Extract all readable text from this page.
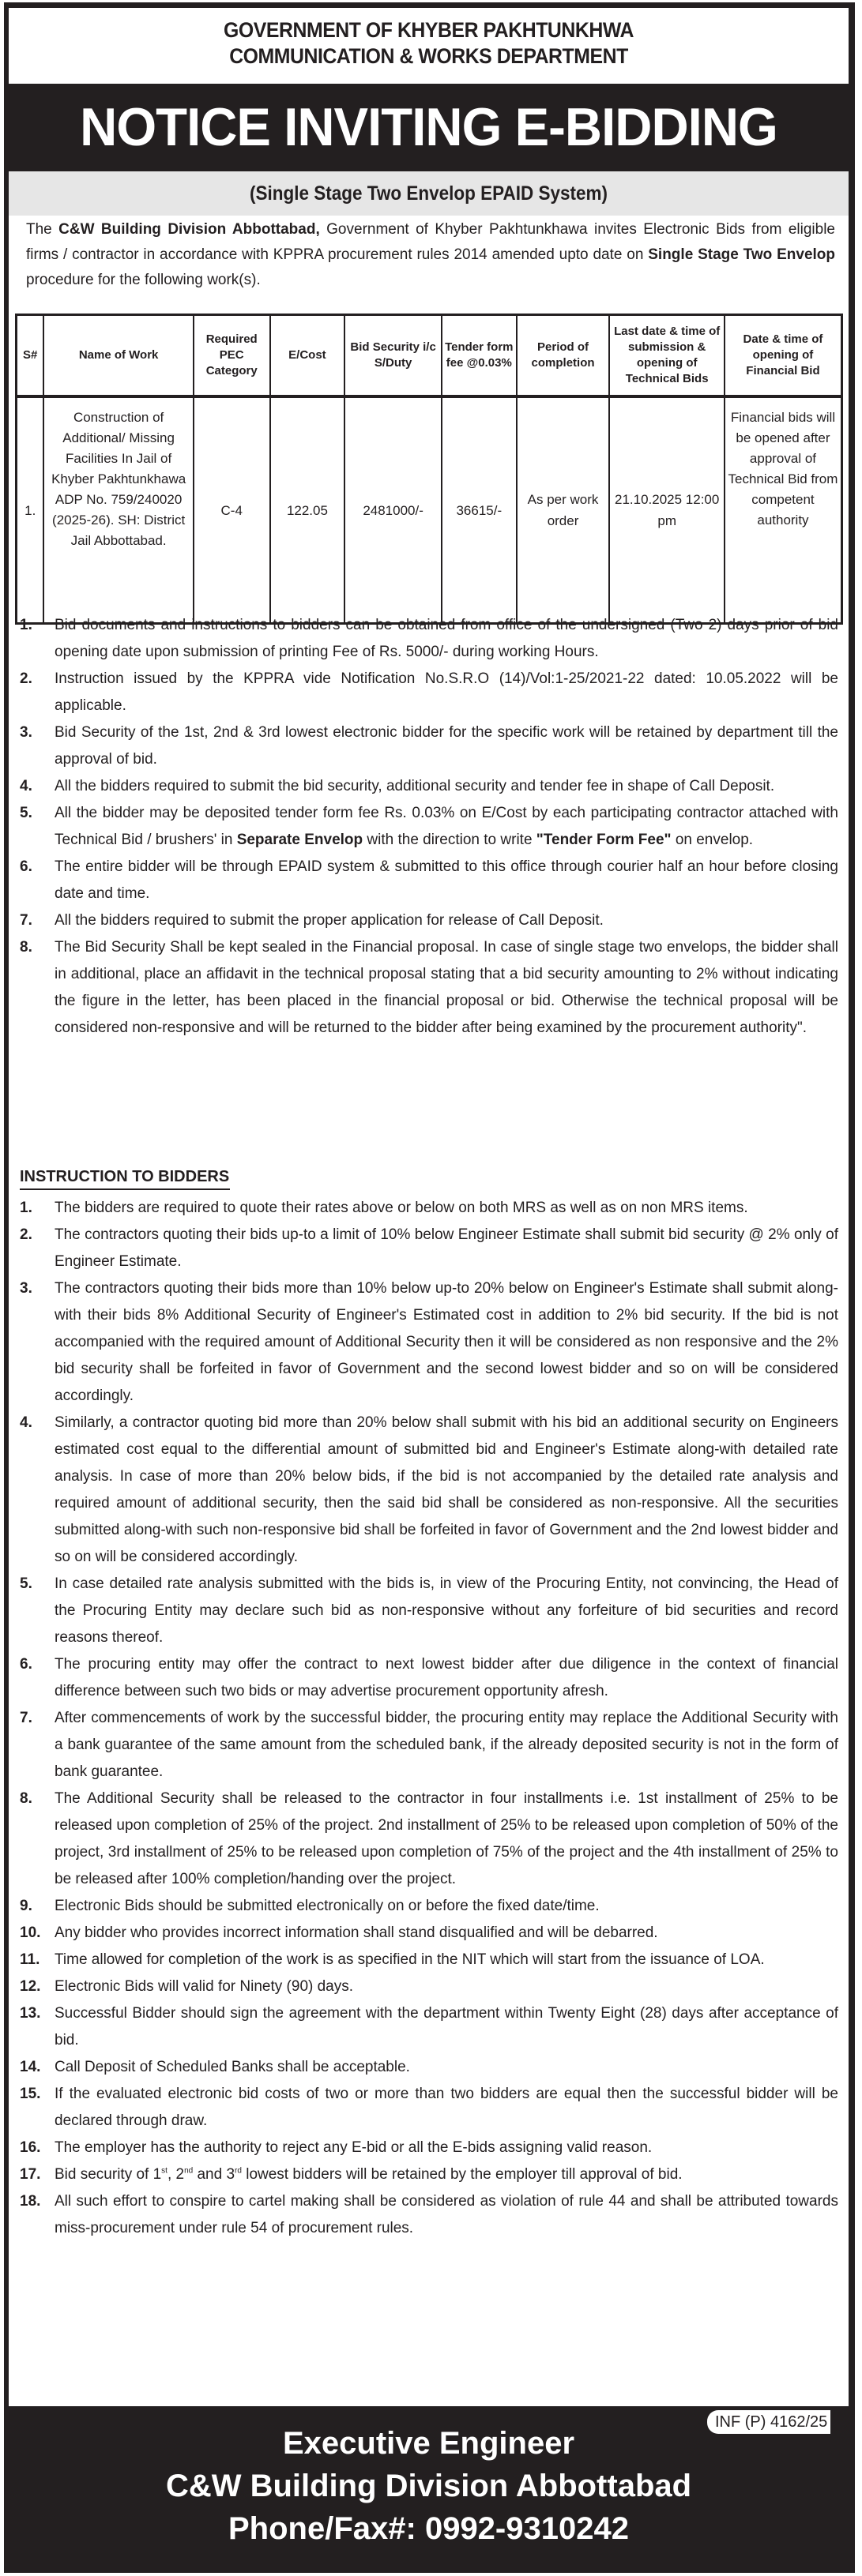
GOVERNMENT OF KHYBER PAKHTUNKHWA
COMMUNICATION & WORKS DEPARTMENT
NOTICE INVITING E-BIDDING
(Single Stage Two Envelop EPAID System)
The C&W Building Division Abbottabad, Government of Khyber Pakhtunkhawa invites Electronic Bids from eligible firms / contractor in accordance with KPPRA procurement rules 2014 amended upto date on Single Stage Two Envelop procedure for the following work(s).
S#	Name of Work	Required PEC Category	E/Cost	Bid Security i/c S/Duty	Tender form fee @0.03%	Period of completion	Last date & time of submission & opening of Technical Bids	Date & time of opening of Financial Bid
1.	Construction of Additional/ Missing Facilities In Jail of Khyber Pakhtunkhawa ADP No. 759/240020 (2025-26). SH: District Jail Abbottabad.	C-4	122.05	2481000/-	36615/-	As per work order	21.10.2025 12:00 pm	Financial bids will be opened after approval of Technical Bid from competent authority
1.	Bid documents and instructions to bidders can be obtained from office of the undersigned (Two 2) days prior of bid opening date upon submission of printing Fee of Rs. 5000/- during working Hours.
2.	Instruction issued by the KPPRA vide Notification No.S.R.O (14)/Vol:1-25/2021-22 dated: 10.05.2022 will be applicable.
3.	Bid Security of the 1st, 2nd & 3rd lowest electronic bidder for the specific work will be retained by department till the approval of bid.
4.	All the bidders required to submit the bid security, additional security and tender fee in shape of Call Deposit.
5.	All the bidder may be deposited tender form fee Rs. 0.03% on E/Cost by each participating contractor attached with Technical Bid / brushers' in Separate Envelop with the direction to write "Tender Form Fee" on envelop.
6.	The entire bidder will be through EPAID system & submitted to this office through courier half an hour before closing date and time.
7.	All the bidders required to submit the proper application for release of Call Deposit.
8.	The Bid Security Shall be kept sealed in the Financial proposal. In case of single stage two envelops, the bidder shall in additional, place an affidavit in the technical proposal stating that a bid security amounting to 2% without indicating the figure in the letter, has been placed in the financial proposal or bid. Otherwise the technical proposal will be considered non-responsive and will be returned to the bidder after being examined by the procurement authority".
INSTRUCTION TO BIDDERS
1.	The bidders are required to quote their rates above or below on both MRS as well as on non MRS items.
2.	The contractors quoting their bids up-to a limit of 10% below Engineer Estimate shall submit bid security @ 2% only of Engineer Estimate.
3.	The contractors quoting their bids more than 10% below up-to 20% below on Engineer's Estimate shall submit along-with their bids 8% Additional Security of Engineer's Estimated cost in addition to 2% bid security. If the bid is not accompanied with the required amount of Additional Security then it will be considered as non responsive and the 2% bid security shall be forfeited in favor of Government and the second lowest bidder and so on will be considered accordingly.
4.	Similarly, a contractor quoting bid more than 20% below shall submit with his bid an additional security on Engineers estimated cost equal to the differential amount of submitted bid and Engineer's Estimate along-with detailed rate analysis. In case of more than 20% below bids, if the bid is not accompanied by the detailed rate analysis and required amount of additional security, then the said bid shall be considered as non-responsive. All the securities submitted along-with such non-responsive bid shall be forfeited in favor of Government and the 2nd lowest bidder and so on will be considered accordingly.
5.	In case detailed rate analysis submitted with the bids is, in view of the Procuring Entity, not convincing, the Head of the Procuring Entity may declare such bid as non-responsive without any forfeiture of bid securities and record reasons thereof.
6.	The procuring entity may offer the contract to next lowest bidder after due diligence in the context of financial difference between such two bids or may advertise procurement opportunity afresh.
7.	After commencements of work by the successful bidder, the procuring entity may replace the Additional Security with a bank guarantee of the same amount from the scheduled bank, if the already deposited security is not in the form of bank guarantee.
8.	The Additional Security shall be released to the contractor in four installments i.e. 1st installment of 25% to be released upon completion of 25% of the project. 2nd installment of 25% to be released upon completion of 50% of the project, 3rd installment of 25% to be released upon completion of 75% of the project and the 4th installment of 25% to be released after 100% completion/handing over the project.
9.	Electronic Bids should be submitted electronically on or before the fixed date/time.
10. Any bidder who provides incorrect information shall stand disqualified and will be debarred.
11. Time allowed for completion of the work is as specified in the NIT which will start from the issuance of LOA.
12. Electronic Bids will valid for Ninety (90) days.
13. Successful Bidder should sign the agreement with the department within Twenty Eight (28) days after acceptance of bid.
14. Call Deposit of Scheduled Banks shall be acceptable.
15. If the evaluated electronic bid costs of two or more than two bidders are equal then the successful bidder will be declared through draw.
16. The employer has the authority to reject any E-bid or all the E-bids assigning valid reason.
17. Bid security of 1st, 2nd and 3rd lowest bidders will be retained by the employer till approval of bid.
18. All such effort to conspire to cartel making shall be considered as violation of rule 44 and shall be attributed towards miss-procurement under rule 54 of procurement rules.
INF (P) 4162/25
Executive Engineer
C&W Building Division Abbottabad
Phone/Fax#: 0992-9310242
